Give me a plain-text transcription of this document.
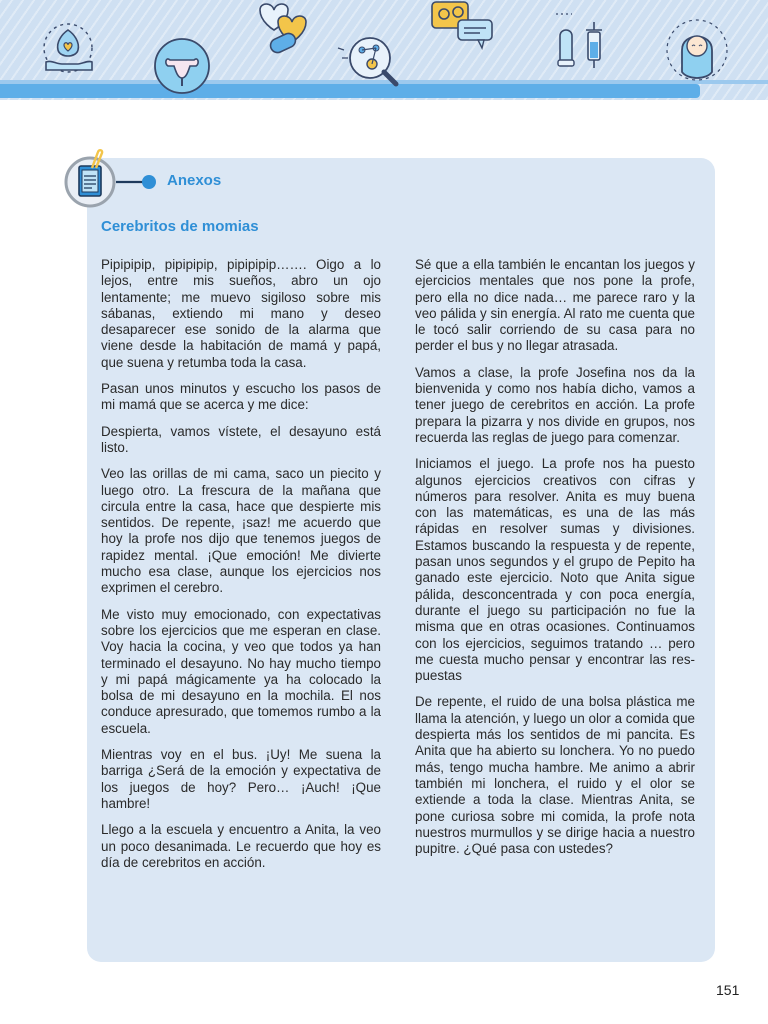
Anexos
Cerebritos de momias

Pipipipip, pipipipip, pipipipip……. Oigo a lo lejos, entre mis sueños, abro un ojo lentamente; me muevo sigiloso sobre mis sábanas, extiendo mi mano y deseo desaparecer ese sonido de la alarma que viene desde la habitación de mamá y papá, que suena y retumba toda la casa.

Pasan unos minutos y escucho los pasos de mi mamá que se acerca y me dice:

Despierta, vamos vístete, el desayuno está listo.

Veo las orillas de mi cama, saco un piecito y luego otro. La frescura de la mañana que circula entre la casa, hace que despierte mis sentidos. De repente, ¡saz! me acuerdo que hoy la profe nos dijo que tenemos juegos de rapidez mental. ¡Que emoción! Me divierte mucho esa clase, aunque los ejercicios nos exprimen el cerebro.

Me visto muy emocionado, con expectativas sobre los ejercicios que me esperan en clase. Voy hacia la cocina, y veo que todos ya han terminado el desayuno. No hay mucho tiempo y mi papá mágicamente ya ha colocado la bolsa de mi desayuno en la mochila. El nos conduce apresurado, que tomemos rumbo a la escuela.

Mientras voy en el bus. ¡Uy! Me suena la barriga ¿Será de la emoción y expectativa de los juegos de hoy? Pero… ¡Auch! ¡Que hambre!

Llego a la escuela y encuentro a Anita, la veo un poco desanimada. Le recuerdo que hoy es día de cerebritos en acción.

Sé que a ella también le encantan los juegos y ejercicios mentales que nos pone la profe, pero ella no dice nada… me parece raro y la veo pálida y sin energía. Al rato me cuenta que le tocó salir corriendo de su casa para no perder el bus y no llegar atrasada.

Vamos a clase, la profe Josefina nos da la bienvenida y como nos había dicho, vamos a tener juego de cerebritos en acción. La profe prepara la pizarra y nos divide en grupos, nos recuerda las reglas de juego para comenzar.

Iniciamos el juego. La profe nos ha puesto algunos ejercicios creativos con cifras y números para resolver. Anita es muy buena con las matemáticas, es una de las más rápidas en resolver sumas y divisiones. Estamos buscando la respuesta y de repente, pasan unos segundos y el grupo de Pepito ha ganado este ejercicio. Noto que Anita sigue pálida, desconcentrada y con poca energía, durante el juego su participación no fue la misma que en otras ocasiones. Continuamos con los ejercicios, seguimos tratando … pero me cuesta mucho pensar y encontrar las respuestas

De repente, el ruido de una bolsa plástica me llama la atención, y luego un olor a comida que despierta más los sentidos de mi pancita. Es Anita que ha abierto su lonchera. Yo no puedo más, tengo mucha hambre. Me animo a abrir también mi lonchera, el ruido y el olor se extiende a toda la clase. Mientras Anita, se pone curiosa sobre mi comida, la profe nota nuestros murmullos y se dirige hacia a nuestro pupitre. ¿Qué pasa con ustedes?

151
